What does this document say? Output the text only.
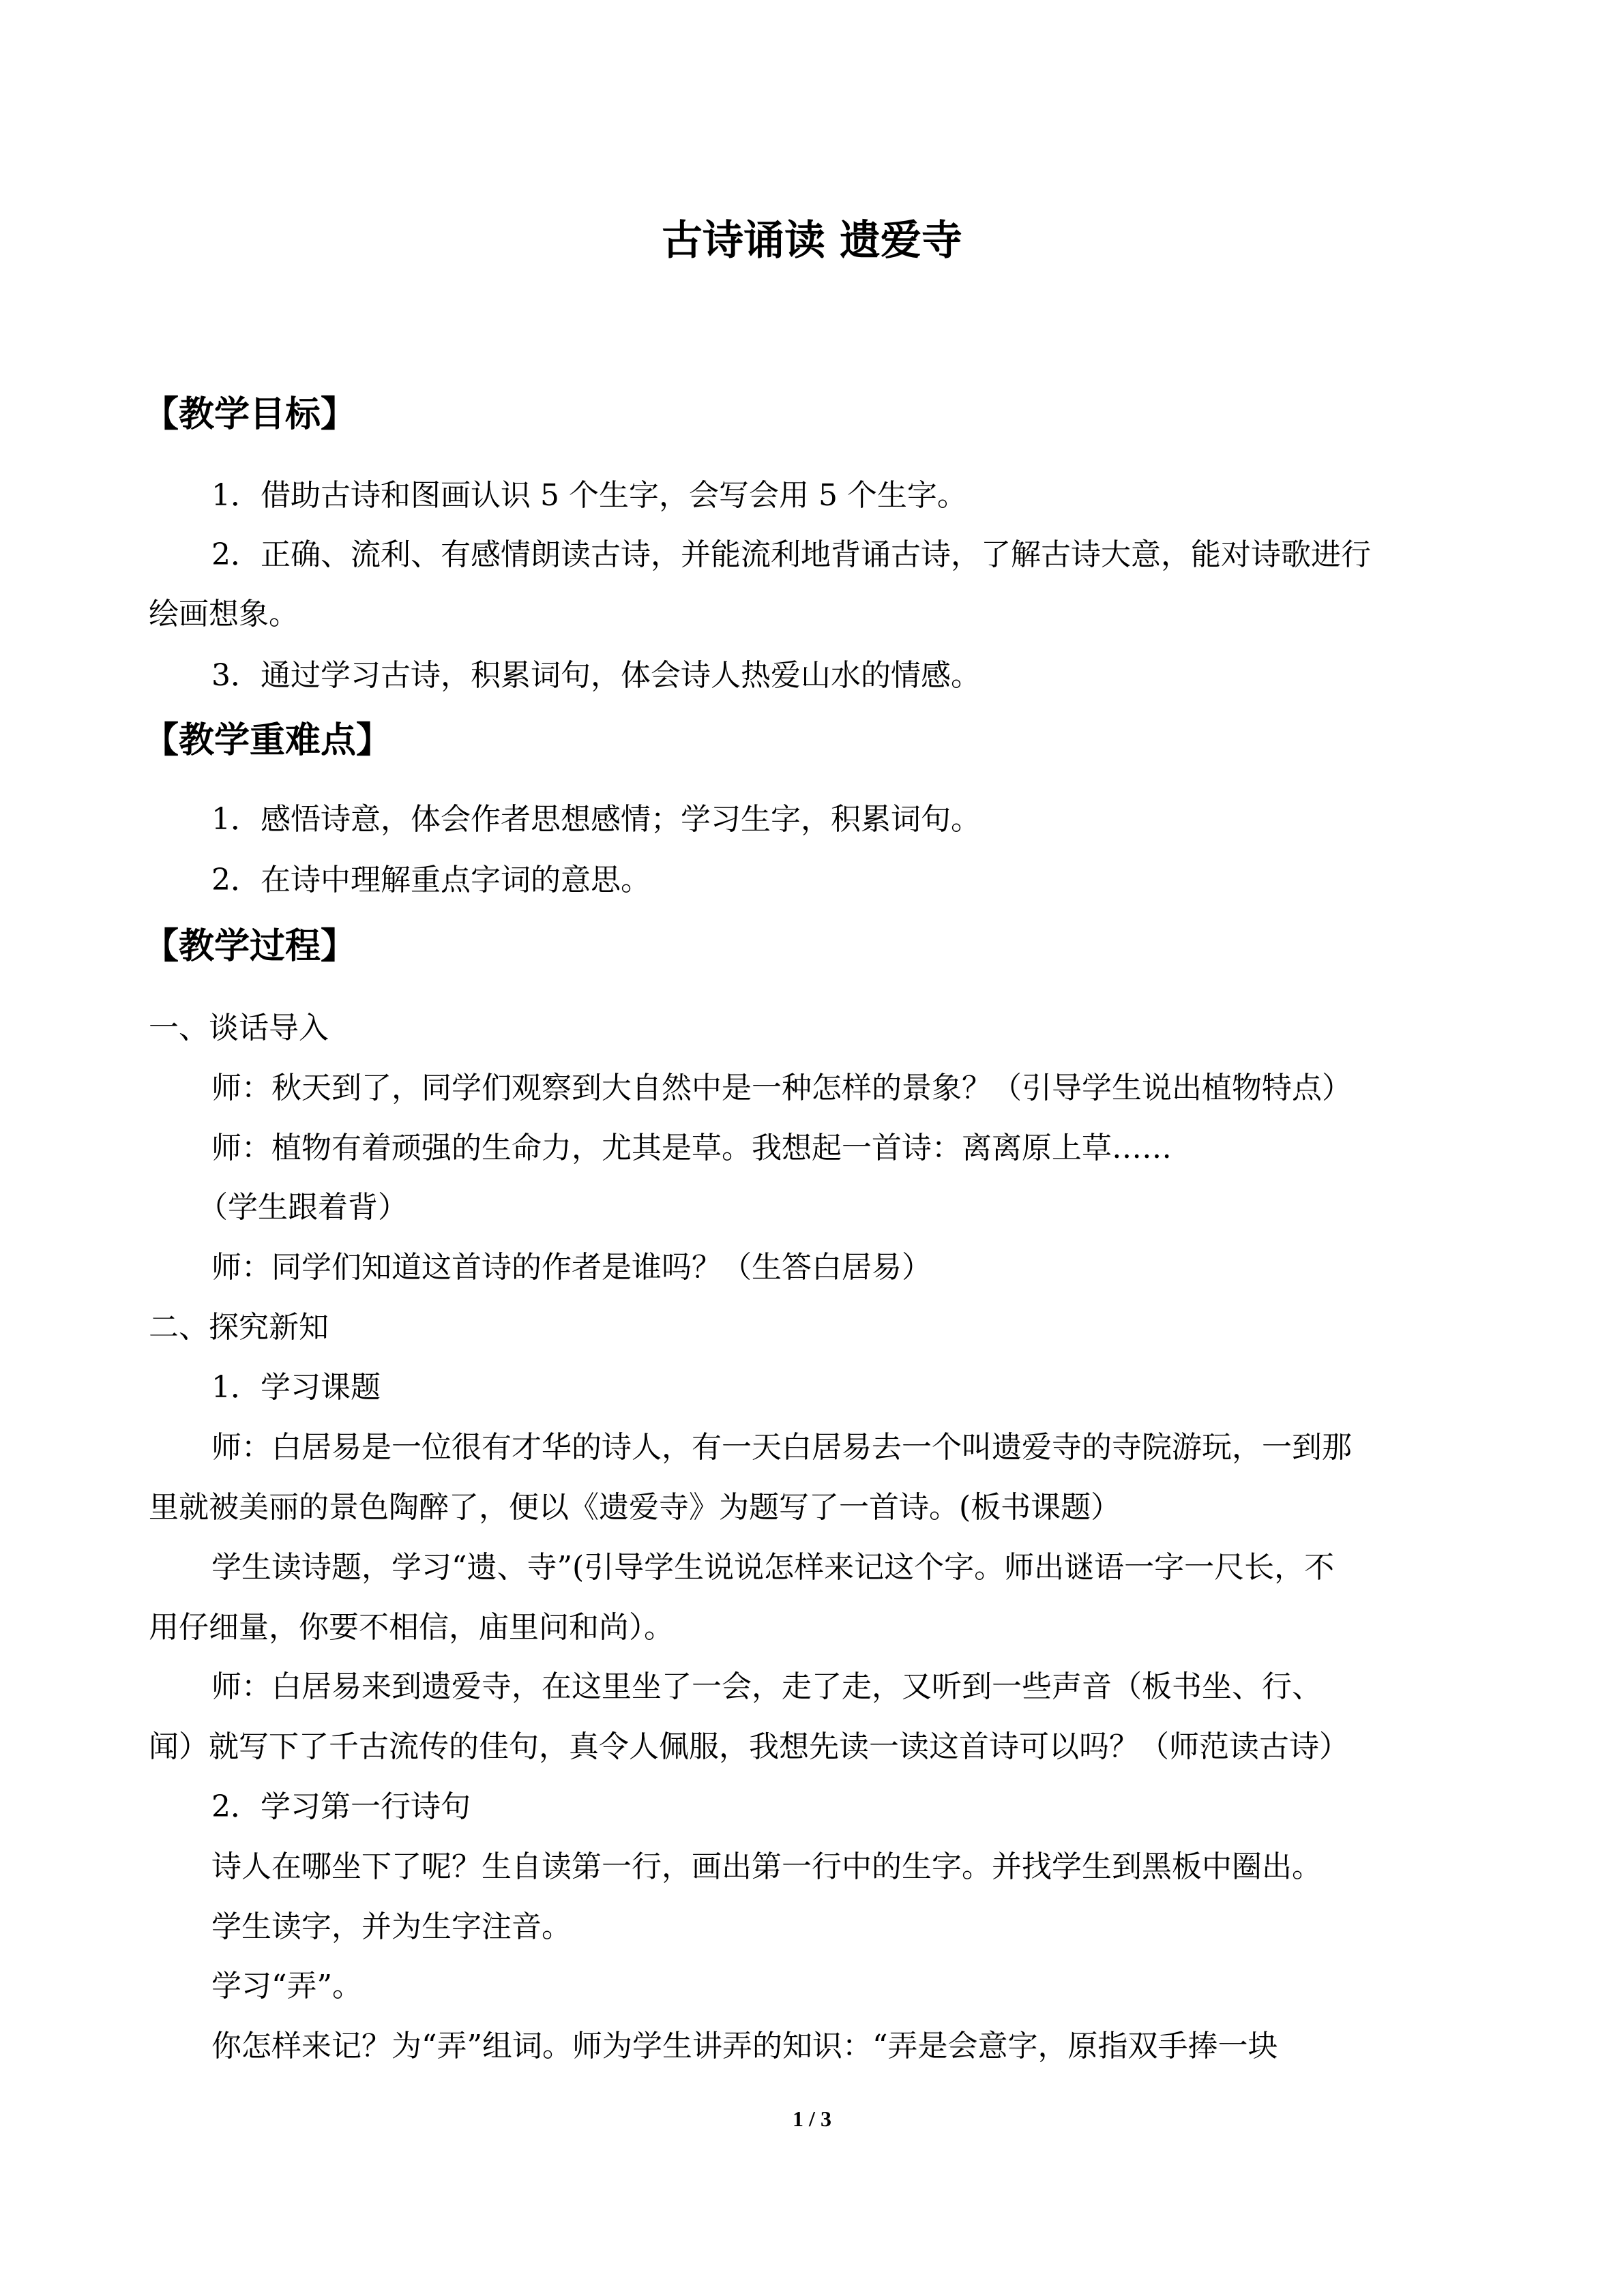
古诗诵读 遗爱寺
【教学目标】
1．借助古诗和图画认识 5 个生字，会写会用 5 个生字。
2．正确、流利、有感情朗读古诗，并能流利地背诵古诗，了解古诗大意，能对诗歌进行
绘画想象。
3．通过学习古诗，积累词句，体会诗人热爱山水的情感。
【教学重难点】
1．感悟诗意，体会作者思想感情；学习生字，积累词句。
2．在诗中理解重点字词的意思。
【教学过程】
一、谈话导入
师：秋天到了，同学们观察到大自然中是一种怎样的景象？（引导学生说出植物特点）
师：植物有着顽强的生命力，尤其是草。我想起一首诗：离离原上草……
（学生跟着背）
师：同学们知道这首诗的作者是谁吗？（生答白居易）
二、探究新知
1．学习课题
师：白居易是一位很有才华的诗人，有一天白居易去一个叫遗爱寺的寺院游玩，一到那
里就被美丽的景色陶醉了，便以《遗爱寺》为题写了一首诗。(板书课题）
学生读诗题，学习“遗、寺”(引导学生说说怎样来记这个字。师出谜语一字一尺长，不
用仔细量，你要不相信，庙里问和尚）。
师：白居易来到遗爱寺，在这里坐了一会，走了走，又听到一些声音（板书坐、行、
闻）就写下了千古流传的佳句，真令人佩服，我想先读一读这首诗可以吗？（师范读古诗）
2．学习第一行诗句
诗人在哪坐下了呢？生自读第一行，画出第一行中的生字。并找学生到黑板中圈出。
学生读字，并为生字注音。
学习“弄”。
你怎样来记？为“弄”组词。师为学生讲弄的知识：“弄是会意字，原指双手捧一块
1 / 3
